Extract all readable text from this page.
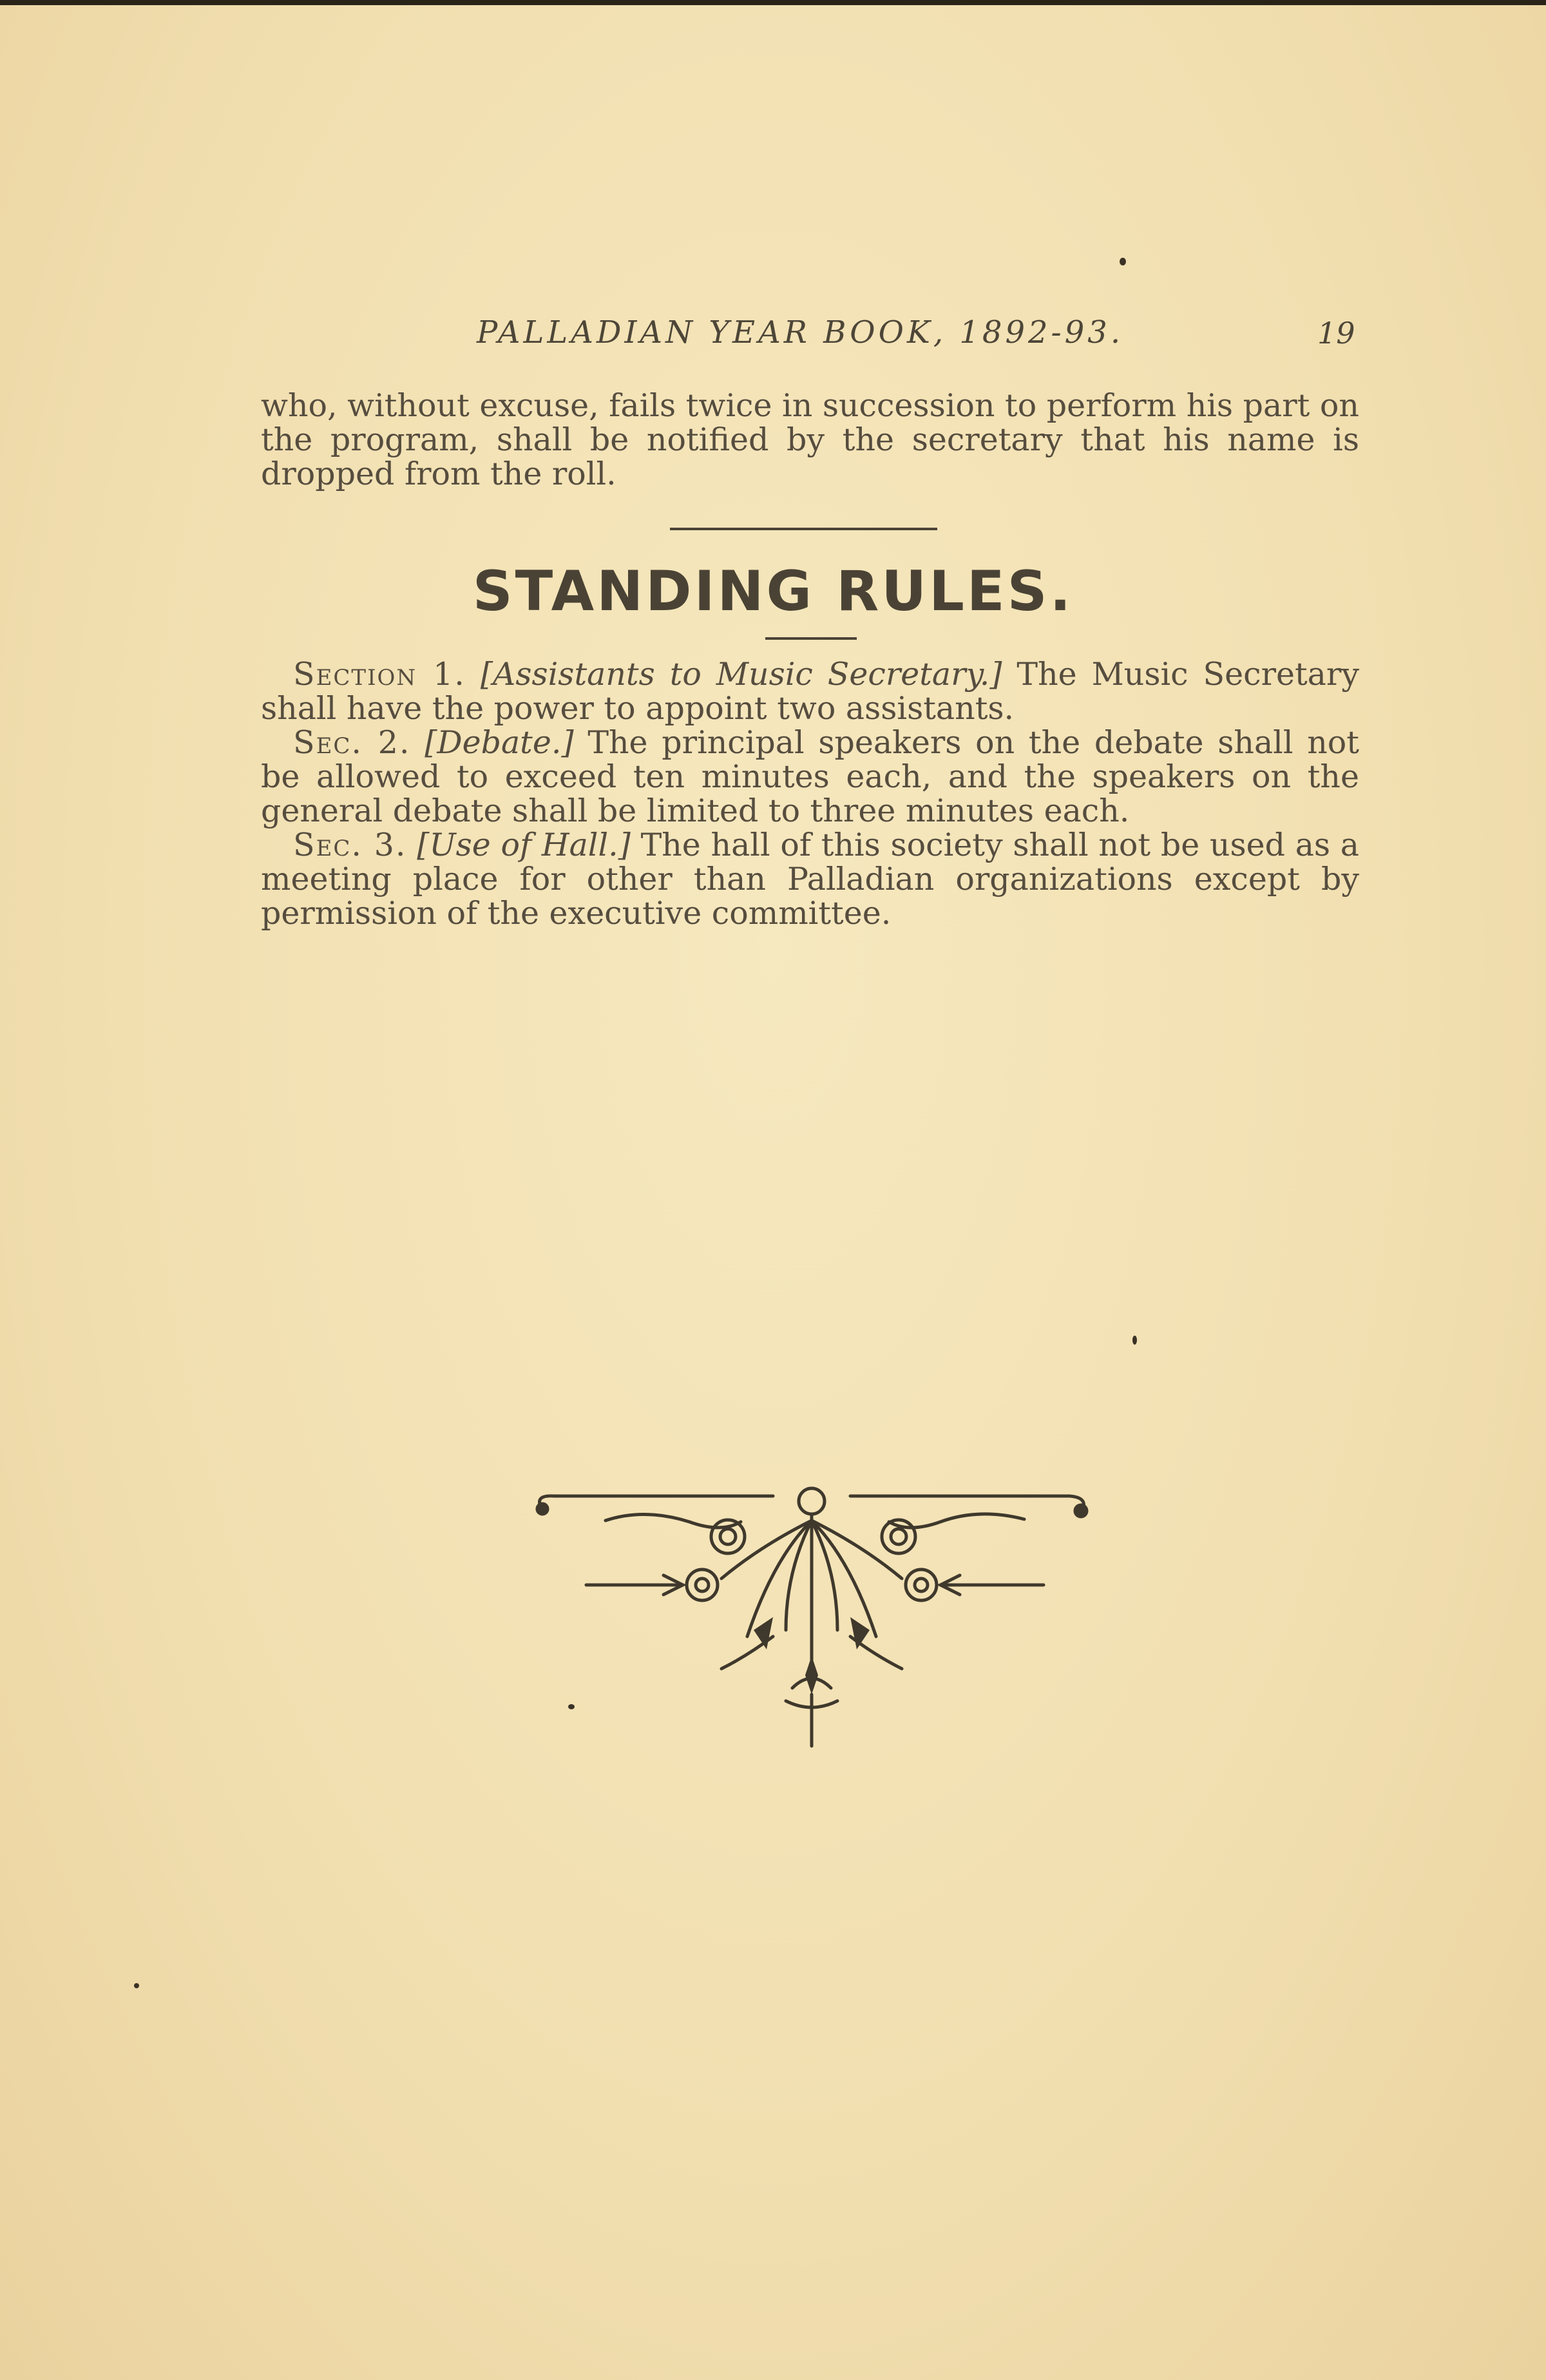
PALLADIAN YEAR BOOK, 1892-93.	19
who, without excuse, fails twice in succession to perform his part on the program, shall be notified by the secretary that his name is dropped from the roll.
STANDING RULES.

Section 1. [Assistants to Music Secretary.] The Music Secretary shall have the power to appoint two assistants.

Sec. 2. [Debate.] The principal speakers on the debate shall not be allowed to exceed ten minutes each, and the speakers on the general debate shall be limited to three minutes each.

Sec. 3. [Use of Hall.] The hall of this society shall not be used as a meeting place for other than Palladian organizations except by permission of the executive committee.
